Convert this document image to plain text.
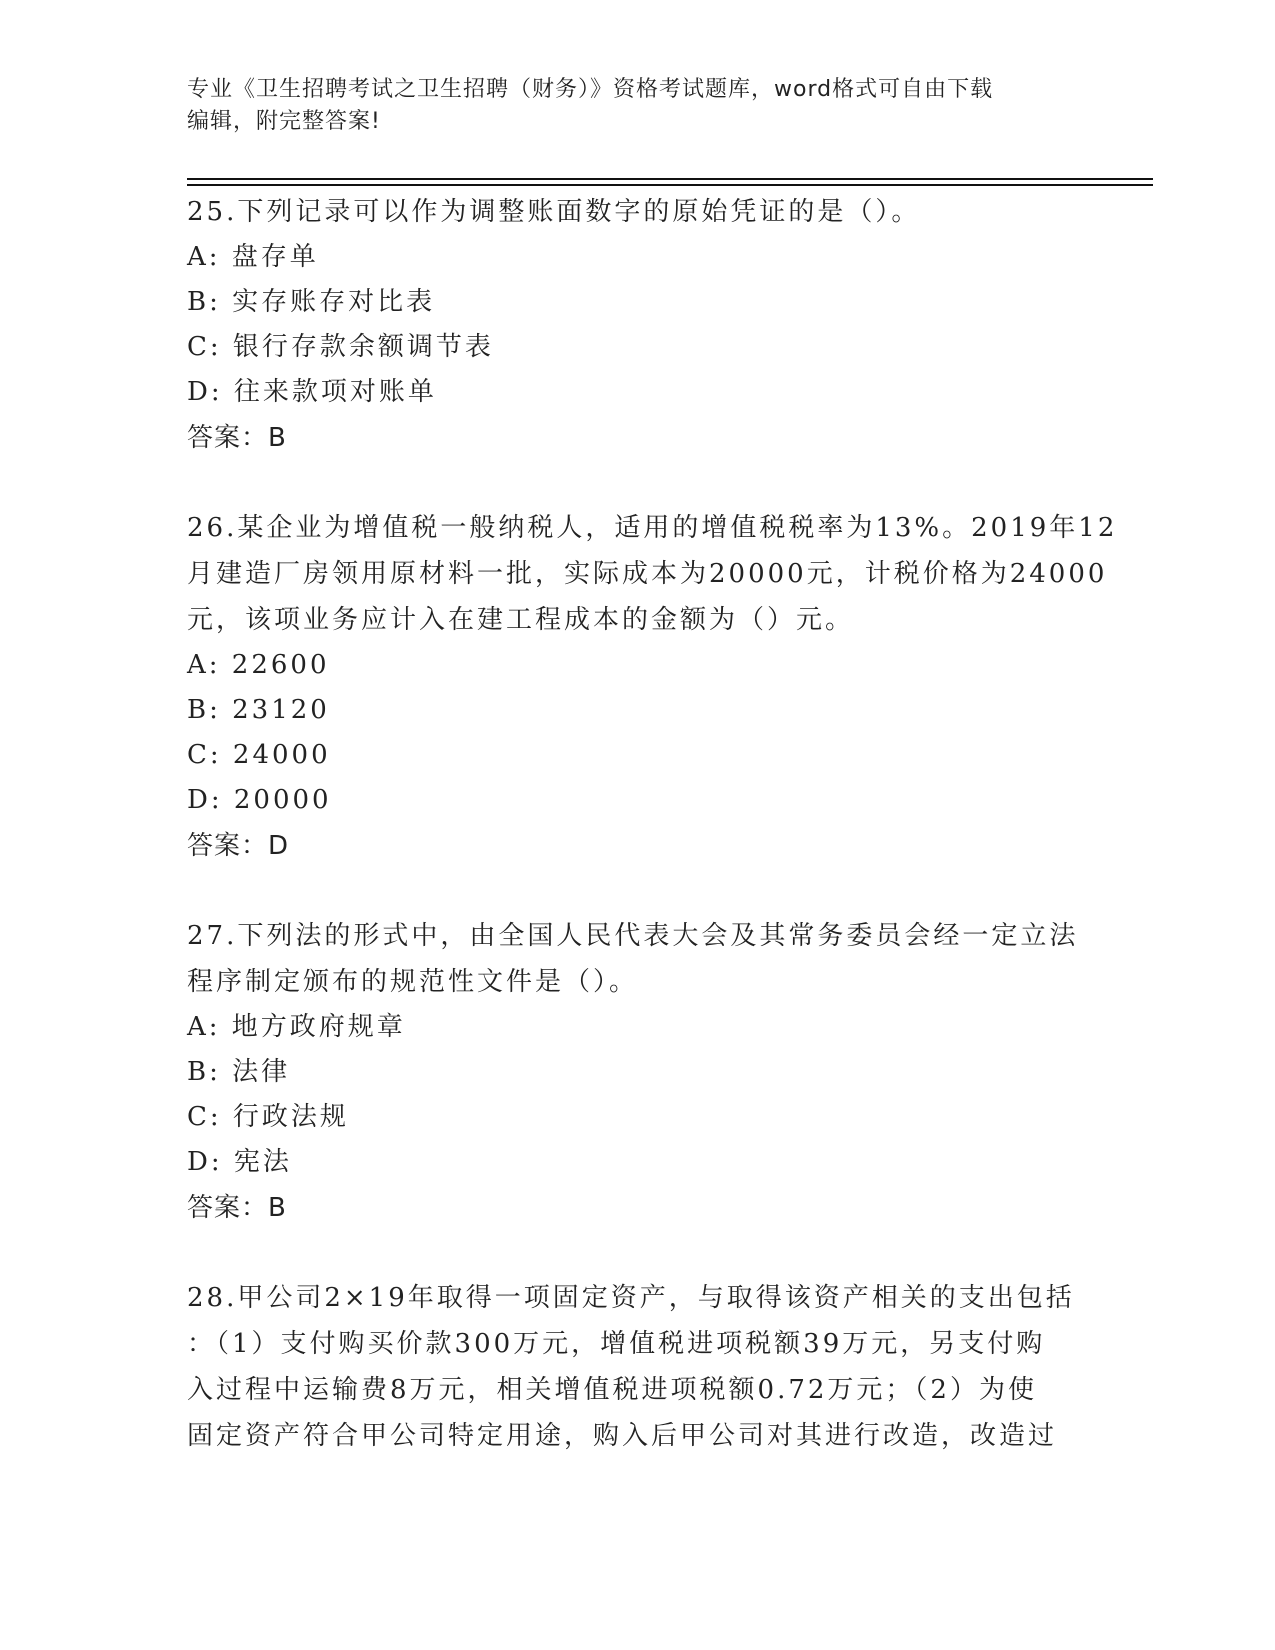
专业《卫生招聘考试之卫生招聘（财务）》资格考试题库，word格式可自由下载
编辑，附完整答案!
25.下列记录可以作为调整账面数字的原始凭证的是（）。
A: 盘存单
B: 实存账存对比表
C: 银行存款余额调节表
D: 往来款项对账单
答案：B
26.某企业为增值税一般纳税人，适用的增值税税率为13%。2019年12
月建造厂房领用原材料一批，实际成本为20000元，计税价格为24000
元，该项业务应计入在建工程成本的金额为（）元。
A: 22600
B: 23120
C: 24000
D: 20000
答案：D
27.下列法的形式中，由全国人民代表大会及其常务委员会经一定立法
程序制定颁布的规范性文件是（）。
A: 地方政府规章
B: 法律
C: 行政法规
D: 宪法
答案：B
28.甲公司2×19年取得一项固定资产，与取得该资产相关的支出包括
：（1）支付购买价款300万元，增值税进项税额39万元，另支付购
入过程中运输费8万元，相关增值税进项税额0.72万元；（2）为使
固定资产符合甲公司特定用途，购入后甲公司对其进行改造，改造过
